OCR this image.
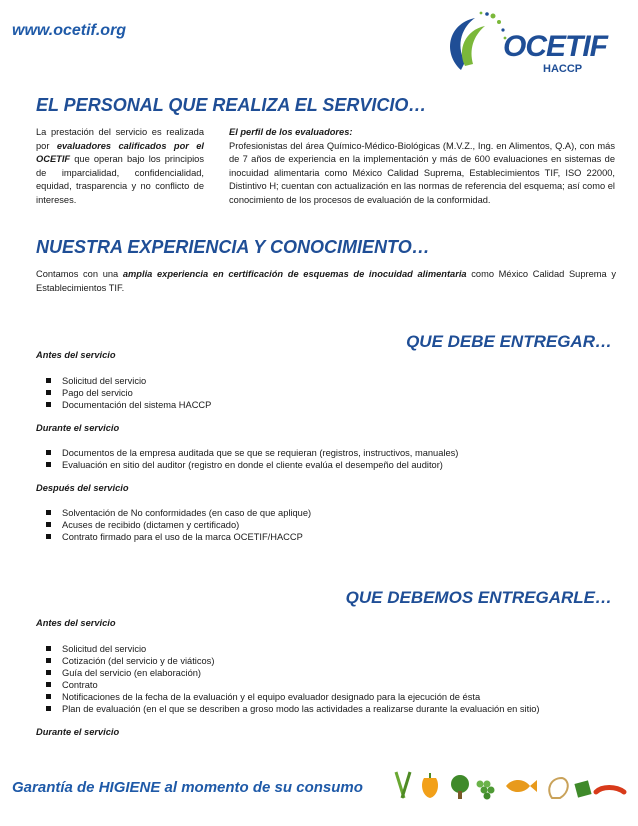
www.ocetif.org	OCETIF
HACCP
EL PERSONAL QUE REALIZA EL SERVICIO…

La prestación del servicio es realizada por evaluadores calificados por el OCETIF que operan bajo los principios de imparcialidad, confidencialidad, equidad, trasparencia y no conflicto de intereses.

El perfil de los evaluadores:

Profesionistas del área Químico-Médico-Biológicas (M.V.Z., Ing. en Alimentos, Q.A), con más de 7 años de experiencia en la implementación y más de 600 evaluaciones en sistemas de inocuidad alimentaria como México Calidad Suprema, Establecimientos TIF, ISO 22000, Distintivo H; cuentan con actualización en las normas de referencia del esquema; así como el conocimiento de los procesos de evaluación de la conformidad.

NUESTRA EXPERIENCIA Y CONOCIMIENTO…

Contamos con una amplia experiencia en certificación de esquemas de inocuidad alimentaria como México Calidad Suprema y Establecimientos TIF.

QUE DEBE ENTREGAR…
Antes del servicio
Solicitud del servicio
Pago del servicio
Documentación del sistema HACCP
Durante el servicio
Documentos de la empresa auditada que se que se requieran (registros, instructivos, manuales)
Evaluación en sitio del auditor (registro en donde el cliente evalúa el desempeño del auditor)
Después del servicio
Solventación de No conformidades (en caso de que aplique)
Acuses de recibido (dictamen y certificado)
Contrato firmado para el uso de la marca OCETIF/HACCP
QUE DEBEMOS ENTREGARLE…
Antes del servicio
Solicitud del servicio
Cotización (del servicio y de viáticos)
Guía del servicio (en elaboración)
Contrato
Notificaciones de la fecha de la evaluación y el equipo evaluador designado para la ejecución de ésta
Plan de evaluación (en el que se describen a groso modo las actividades a realizarse durante la evaluación en sitio)
Durante el servicio
Garantía de HIGIENE al momento de su consumo
